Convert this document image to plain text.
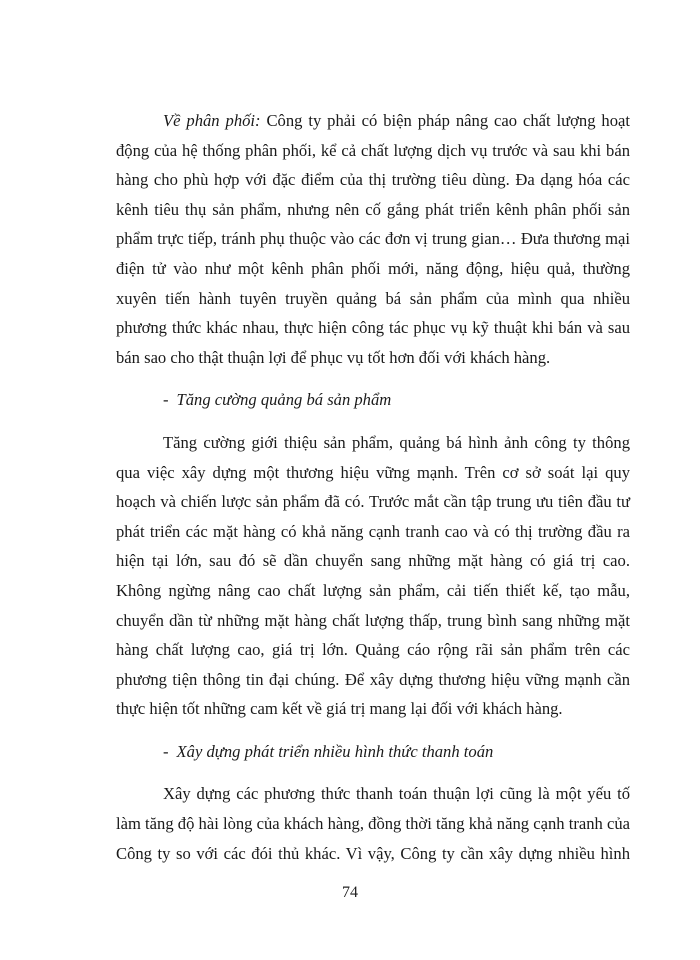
Về phân phối: Công ty phải có biện pháp nâng cao chất lượng hoạt động của hệ thống phân phối, kể cả chất lượng dịch vụ trước và sau khi bán hàng cho phù hợp với đặc điểm của thị trường tiêu dùng. Đa dạng hóa các kênh tiêu thụ sản phẩm, nhưng nên cố gắng phát triển kênh phân phối sản phẩm trực tiếp, tránh phụ thuộc vào các đơn vị trung gian… Đưa thương mại điện tử vào như một kênh phân phối mới, năng động, hiệu quả, thường xuyên tiến hành tuyên truyền quảng bá sản phẩm của mình qua nhiều phương thức khác nhau, thực hiện công tác phục vụ kỹ thuật khi bán và sau bán sao cho thật thuận lợi để phục vụ tốt hơn đối với khách hàng.

- Tăng cường quảng bá sản phẩm

Tăng cường giới thiệu sản phẩm, quảng bá hình ảnh công ty thông qua việc xây dựng một thương hiệu vững mạnh. Trên cơ sở soát lại quy hoạch và chiến lược sản phẩm đã có. Trước mắt cần tập trung ưu tiên đầu tư phát triển các mặt hàng có khả năng cạnh tranh cao và có thị trường đầu ra hiện tại lớn, sau đó sẽ dần chuyển sang những mặt hàng có giá trị cao. Không ngừng nâng cao chất lượng sản phẩm, cải tiến thiết kế, tạo mẫu, chuyển dần từ những mặt hàng chất lượng thấp, trung bình sang những mặt hàng chất lượng cao, giá trị lớn. Quảng cáo rộng rãi sản phẩm trên các phương tiện thông tin đại chúng. Để xây dựng thương hiệu vững mạnh cần thực hiện tốt những cam kết về giá trị mang lại đối với khách hàng.

- Xây dựng phát triển nhiều hình thức thanh toán

Xây dựng các phương thức thanh toán thuận lợi cũng là một yếu tố làm tăng độ hài lòng của khách hàng, đồng thời tăng khả năng cạnh tranh của Công ty so với các đói thủ khác. Vì vậy, Công ty cần xây dựng nhiều hình

74
